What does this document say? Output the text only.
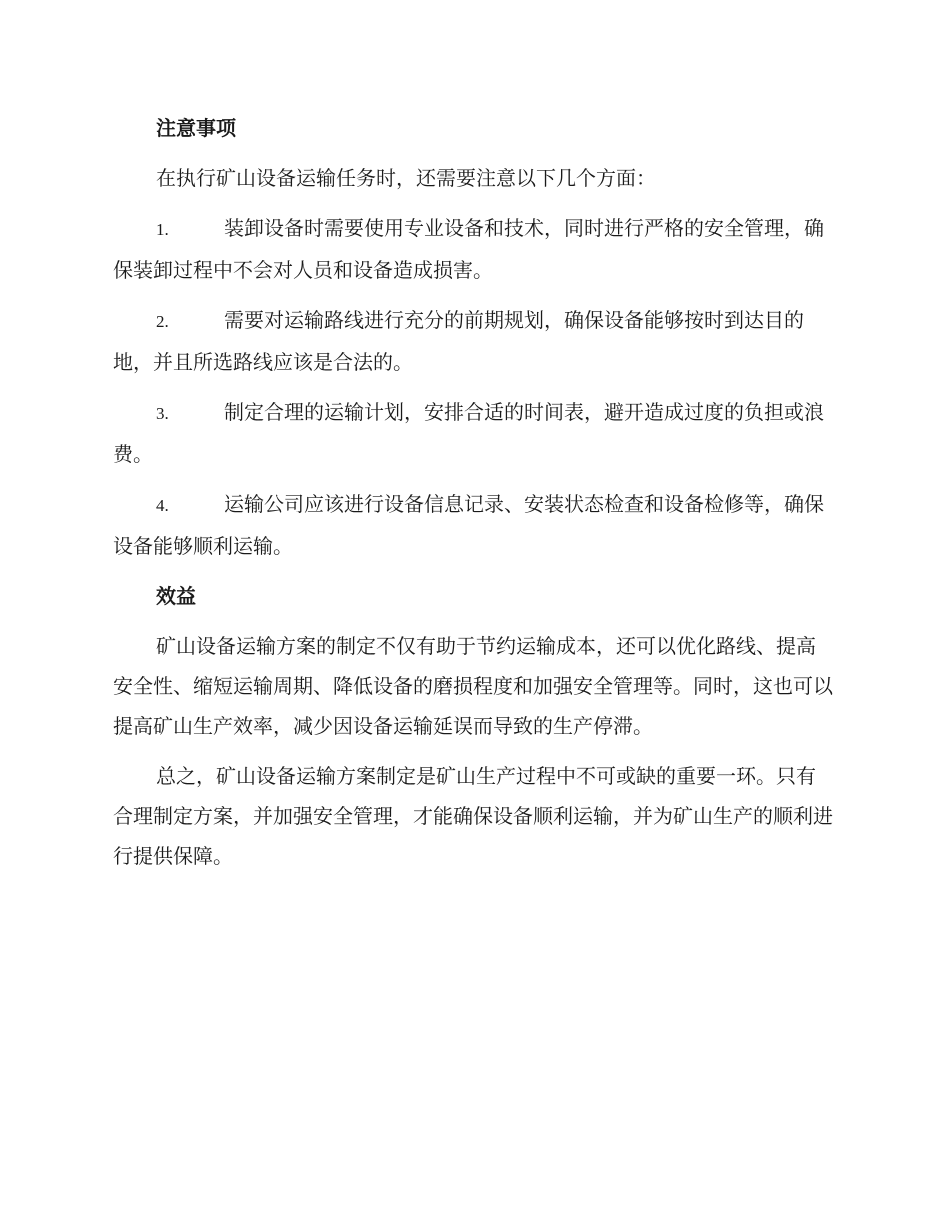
注意事项
在执行矿山设备运输任务时，还需要注意以下几个方面：
1.	装卸设备时需要使用专业设备和技术，同时进行严格的安全管理，确保装卸过程中不会对人员和设备造成损害。
2.	需要对运输路线进行充分的前期规划，确保设备能够按时到达目的地，并且所选路线应该是合法的。
3.	制定合理的运输计划，安排合适的时间表，避开造成过度的负担或浪费。
4.	运输公司应该进行设备信息记录、安装状态检查和设备检修等，确保设备能够顺利运输。
效益
矿山设备运输方案的制定不仅有助于节约运输成本，还可以优化路线、提高安全性、缩短运输周期、降低设备的磨损程度和加强安全管理等。同时，这也可以提高矿山生产效率，减少因设备运输延误而导致的生产停滞。
总之，矿山设备运输方案制定是矿山生产过程中不可或缺的重要一环。只有合理制定方案，并加强安全管理，才能确保设备顺利运输，并为矿山生产的顺利进行提供保障。
